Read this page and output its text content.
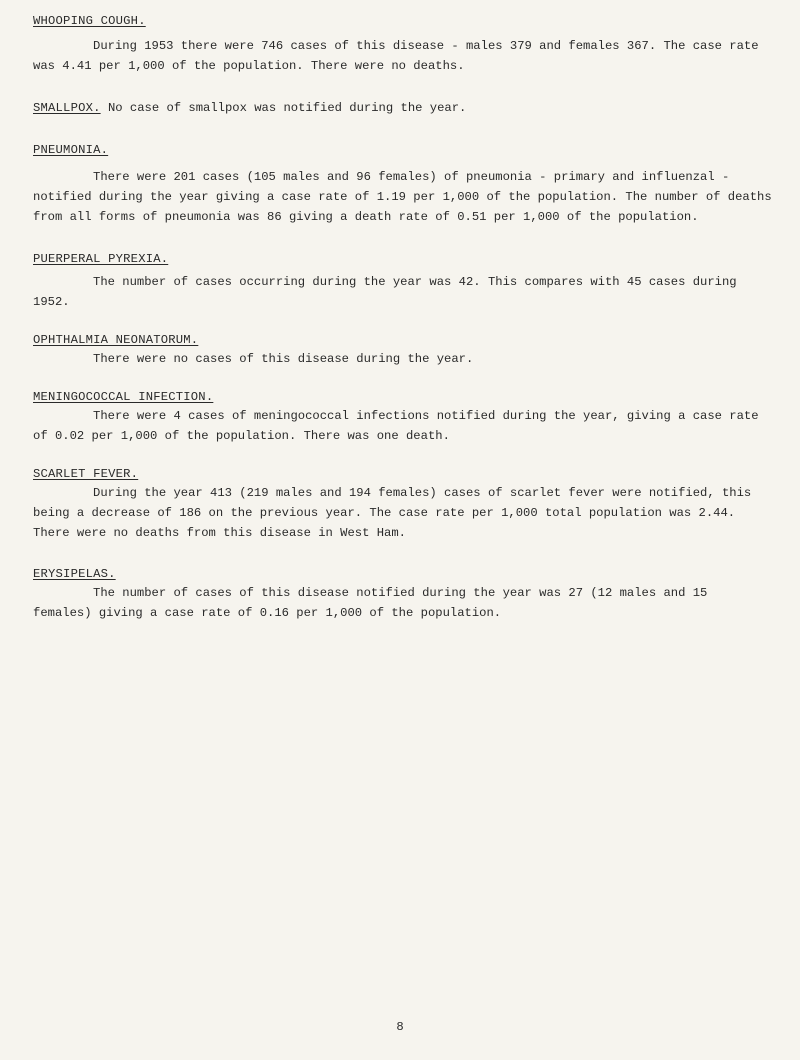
WHOOPING COUGH.

During 1953 there were 746 cases of this disease - males 379 and females 367. The case rate was 4.41 per 1,000 of the population. There were no deaths.

SMALLPOX. No case of smallpox was notified during the year.
PNEUMONIA.

There were 201 cases (105 males and 96 females) of pneumonia - primary and influenzal - notified during the year giving a case rate of 1.19 per 1,000 of the population. The number of deaths from all forms of pneumonia was 86 giving a death rate of 0.51 per 1,000 of the population.

PUERPERAL PYREXIA.

The number of cases occurring during the year was 42. This compares with 45 cases during 1952.

OPHTHALMIA NEONATORUM.

There were no cases of this disease during the year.

MENINGOCOCCAL INFECTION.

There were 4 cases of meningococcal infections notified during the year, giving a case rate of 0.02 per 1,000 of the population. There was one death.

SCARLET FEVER.

During the year 413 (219 males and 194 females) cases of scarlet fever were notified, this being a decrease of 186 on the previous year. The case rate per 1,000 total population was 2.44. There were no deaths from this disease in West Ham.

ERYSIPELAS.

The number of cases of this disease notified during the year was 27 (12 males and 15 females) giving a case rate of 0.16 per 1,000 of the population.

8
